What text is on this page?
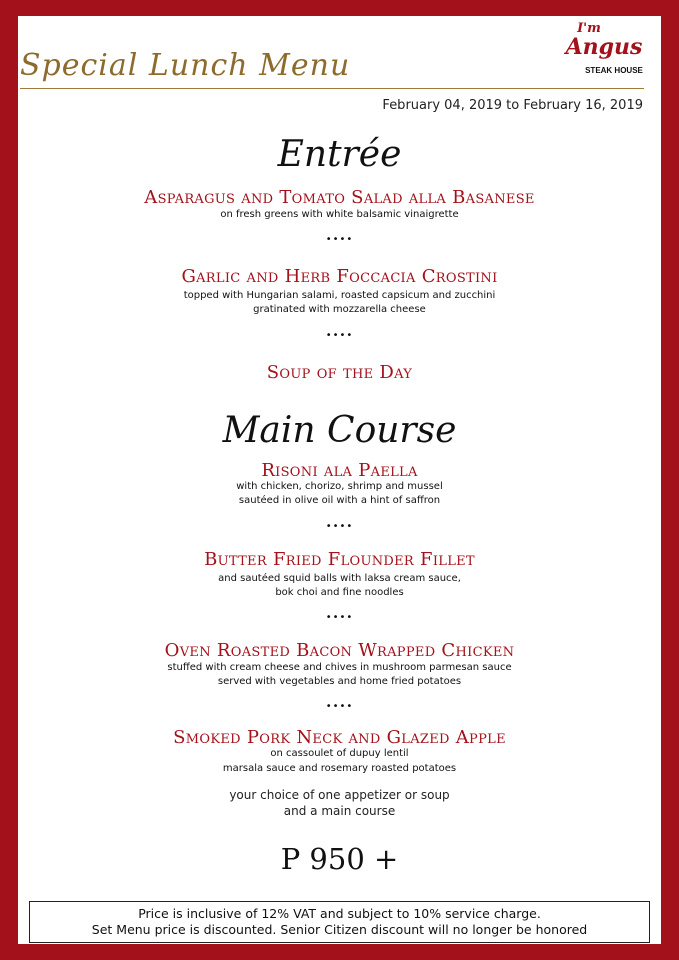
Special Lunch Menu
I'm
Angus
STEAK HOUSE
February 04, 2019 to February 16, 2019
Entrée
Asparagus and Tomato Salad alla Basanese
on fresh greens with white balsamic vinaigrette
••••
Garlic and Herb Foccacia Crostini
topped with Hungarian salami, roasted capsicum and zucchini
gratinated with mozzarella cheese
••••
Soup of the Day
Main Course
Risoni ala Paella
with chicken, chorizo, shrimp and mussel
sautéed in olive oil with a hint of saffron
••••
Butter Fried Flounder Fillet
and sautéed squid balls with laksa cream sauce,
bok choi and fine noodles
••••
Oven Roasted Bacon Wrapped Chicken
stuffed with cream cheese and chives in mushroom parmesan sauce
served with vegetables and home fried potatoes
••••
Smoked Pork Neck and Glazed Apple
on cassoulet of dupuy lentil
marsala sauce and rosemary roasted potatoes
your choice of one appetizer or soup
and a main course
P 950 +
Price is inclusive of 12% VAT and subject to 10% service charge.
Set Menu price is discounted. Senior Citizen discount will no longer be honored
